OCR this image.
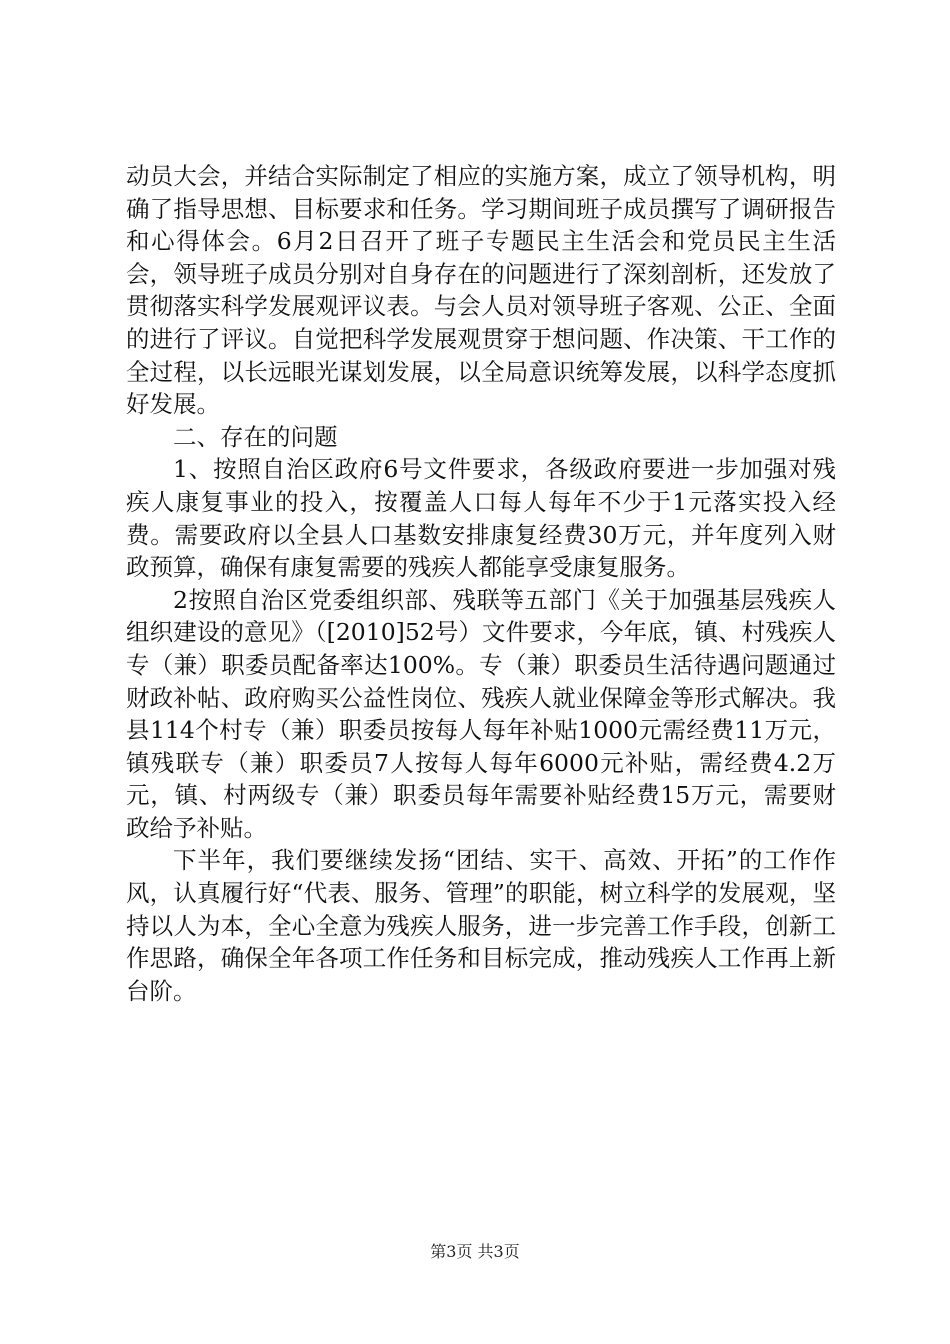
动员大会，并结合实际制定了相应的实施方案，成立了领导机构，明确了指导思想、目标要求和任务。学习期间班子成员撰写了调研报告和心得体会。6月2日召开了班子专题民主生活会和党员民主生活会，领导班子成员分别对自身存在的问题进行了深刻剖析，还发放了贯彻落实科学发展观评议表。与会人员对领导班子客观、公正、全面的进行了评议。自觉把科学发展观贯穿于想问题、作决策、干工作的全过程，以长远眼光谋划发展，以全局意识统筹发展，以科学态度抓好发展。

二、存在的问题

1、按照自治区政府6号文件要求，各级政府要进一步加强对残疾人康复事业的投入，按覆盖人口每人每年不少于1元落实投入经费。需要政府以全县人口基数安排康复经费30万元，并年度列入财政预算，确保有康复需要的残疾人都能享受康复服务。

2按照自治区党委组织部、残联等五部门《关于加强基层残疾人组织建设的意见》（[2010]52号）文件要求，今年底，镇、村残疾人专（兼）职委员配备率达100%。专（兼）职委员生活待遇问题通过财政补帖、政府购买公益性岗位、残疾人就业保障金等形式解决。我县114个村专（兼）职委员按每人每年补贴1000元需经费11万元，镇残联专（兼）职委员7人按每人每年6000元补贴，需经费4.2万元，镇、村两级专（兼）职委员每年需要补贴经费15万元，需要财政给予补贴。

下半年，我们要继续发扬“团结、实干、高效、开拓”的工作作风，认真履行好“代表、服务、管理”的职能，树立科学的发展观，坚持以人为本，全心全意为残疾人服务，进一步完善工作手段，创新工作思路，确保全年各项工作任务和目标完成，推动残疾人工作再上新台阶。

第3页 共3页
